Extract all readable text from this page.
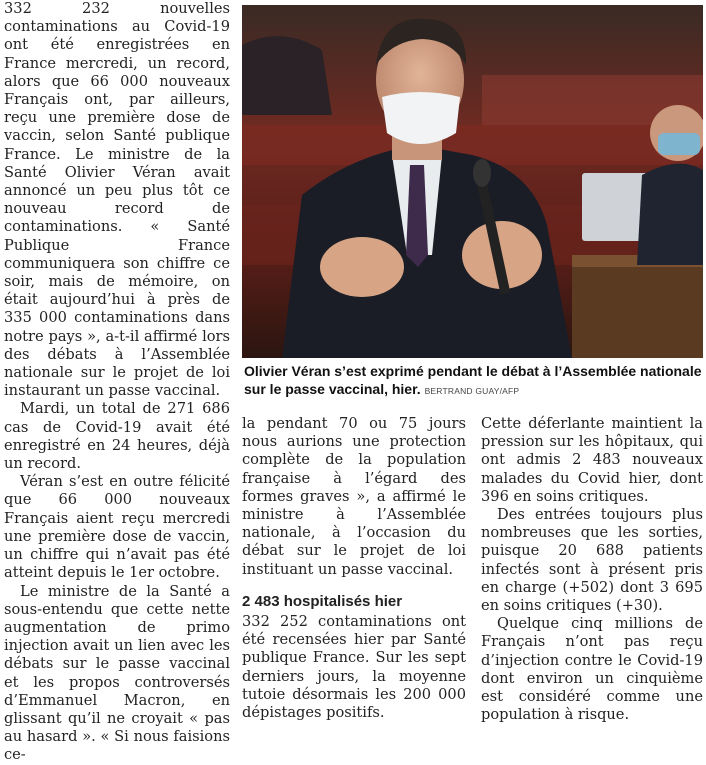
332 232 nouvelles contaminations au Covid-19 ont été enregistrées en France mercredi, un record, alors que 66 000 nouveaux Français ont, par ailleurs, reçu une première dose de vaccin, selon Santé publique France. Le ministre de la Santé Olivier Véran avait annoncé un peu plus tôt ce nouveau record de contaminations. « Santé Publique France communiquera son chiffre ce soir, mais de mémoire, on était aujourd’hui à près de 335 000 contaminations dans notre pays », a-t-il affirmé lors des débats à l’Assemblée nationale sur le projet de loi instaurant un passe vaccinal.

Mardi, un total de 271 686 cas de Covid-19 avait été enregistré en 24 heures, déjà un record.

Véran s’est en outre félicité que 66 000 nouveaux Français aient reçu mercredi une première dose de vaccin, un chiffre qui n’avait pas été atteint depuis le 1er octobre.

Le ministre de la Santé a sous-entendu que cette nette augmentation de primo injection avait un lien avec les débats sur le passe vaccinal et les propos controversés d’Emmanuel Macron, en glissant qu’il ne croyait « pas au hasard ». « Si nous faisions ce-

Olivier Véran s’est exprimé pendant le débat à l’Assemblée nationale sur le passe vaccinal, hier. BERTRAND GUAY/AFP

la pendant 70 ou 75 jours nous aurions une protection complète de la population française à l’égard des formes graves », a affirmé le ministre à l’Assemblée nationale, à l’occasion du débat sur le projet de loi instituant un passe vaccinal.

2 483 hospitalisés hier

332 252 contaminations ont été recensées hier par Santé publique France. Sur les sept derniers jours, la moyenne tutoie désormais les 200 000 dépistages positifs.

Cette déferlante maintient la pression sur les hôpitaux, qui ont admis 2 483 nouveaux malades du Covid hier, dont 396 en soins critiques.

Des entrées toujours plus nombreuses que les sorties, puisque 20 688 patients infectés sont à présent pris en charge (+502) dont 3 695 en soins critiques (+30).

Quelque cinq millions de Français n’ont pas reçu d’injection contre le Covid-19 dont environ un cinquième est considéré comme une population à risque.
